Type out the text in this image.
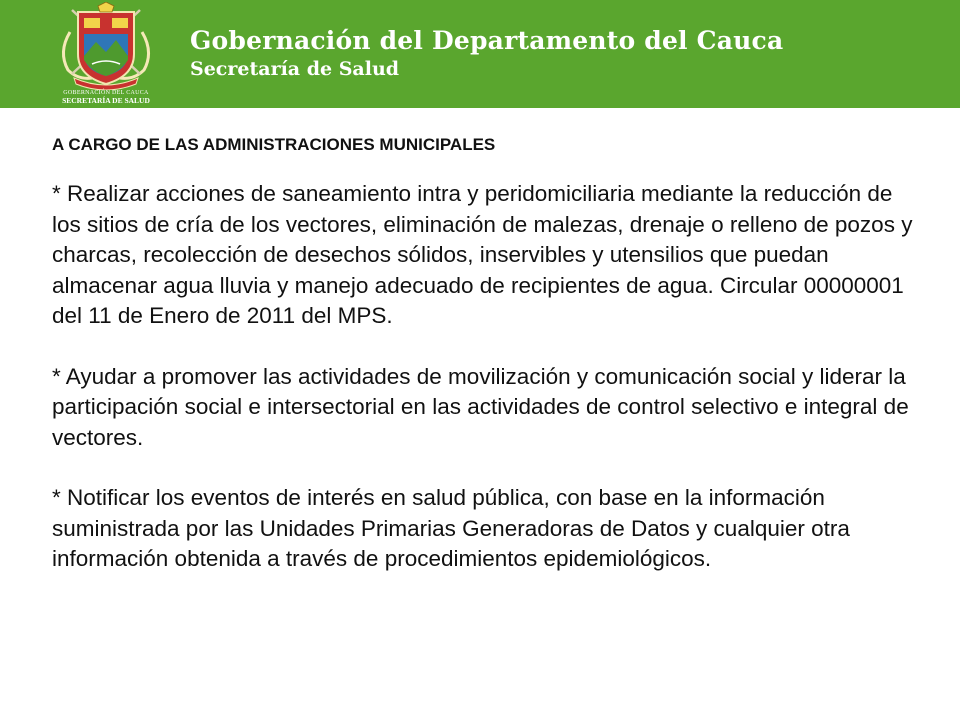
GOBERNACIÓN DEL CAUCA
SECRETARÍA DE SALUD
Gobernación del Departamento del Cauca
Secretaría de Salud

A CARGO DE LAS ADMINISTRACIONES MUNICIPALES

* Realizar acciones de saneamiento intra y peridomiciliaria mediante la reducción de los sitios de cría de los vectores, eliminación de malezas, drenaje o relleno de pozos y charcas, recolección de desechos sólidos, inservibles y utensilios que puedan almacenar agua lluvia y manejo adecuado de recipientes de agua. Circular 00000001 del 11 de Enero de 2011 del MPS.

* Ayudar a promover las actividades de movilización y comunicación social y liderar la participación social e intersectorial en las actividades de control selectivo e integral de vectores.

* Notificar los eventos de interés en salud pública, con base en la información suministrada por las Unidades Primarias Generadoras de Datos y cualquier otra información obtenida a través de procedimientos epidemiológicos.
